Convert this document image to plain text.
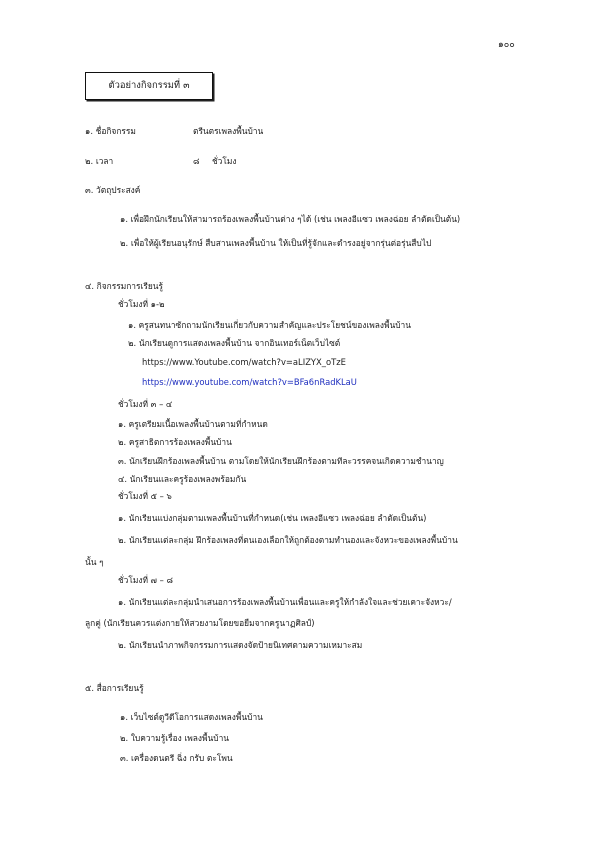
๑๐๐
ตัวอย่างกิจกรรมที่ ๓
๑. ชื่อกิจกรรม	ตรีนตรเพลงพื้นบ้าน
๒. เวลา	๘ ชั่วโมง
๓. วัตถุประสงค์
๑. เพื่อฝึกนักเรียนให้สามารถร้องเพลงพื้นบ้านต่าง ๆได้ (เช่น เพลงอีแซว เพลงฉ่อย ลำตัดเป็นต้น)
๒. เพื่อให้ผู้เรียนอนุรักษ์ สืบสานเพลงพื้นบ้าน ให้เป็นที่รู้จักและดำรงอยู่จากรุ่นต่อรุ่นสืบไป
๔. กิจกรรมการเรียนรู้
ชั่วโมงที่ ๑-๒
๑. ครูสนทนาซักถามนักเรียนเกี่ยวกับความสำคัญและประโยชน์ของเพลงพื้นบ้าน
๒. นักเรียนดูการแสดงเพลงพื้นบ้าน จากอินเทอร์เน็ตเว็บไซต์
https://www.Youtube.com/watch?v=aLIZYX_oTzE
https://www.youtube.com/watch?v=BFa6nRadKLaU
ชั่วโมงที่ ๓ – ๔
๑. ครูเตรียมเนื้อเพลงพื้นบ้านตามที่กำหนด
๒. ครูสาธิตการร้องเพลงพื้นบ้าน
๓. นักเรียนฝึกร้องเพลงพื้นบ้าน ตามโดยให้นักเรียนฝึกร้องตามทีละวรรคจนเกิดความชำนาญ
๔. นักเรียนและครูร้องเพลงพร้อมกัน
ชั่วโมงที่ ๕ – ๖
๑. นักเรียนแบ่งกลุ่มตามเพลงพื้นบ้านที่กำหนด(เช่น เพลงอีแซว เพลงฉ่อย ลำตัดเป็นต้น)
๒. นักเรียนแต่ละกลุ่ม ฝึกร้องเพลงที่ตนเองเลือกให้ถูกต้องตามทำนองและจังหวะของเพลงพื้นบ้าน
นั้น ๆ
ชั่วโมงที่ ๗ – ๘
๑. นักเรียนแต่ละกลุ่มนำเสนอการร้องเพลงพื้นบ้านเพื่อนและครูให้กำลังใจและช่วยเคาะจังหวะ/
ลูกคู่ (นักเรียนควรแต่งกายให้สวยงามโดยขอยืมจากครูนาฏศิลป์)
๒. นักเรียนนำภาพกิจกรรมการแสดงจัดป้ายนิเทศตามความเหมาะสม
๕. สื่อการเรียนรู้
๑. เว็บไซต์ดูวีดีโอการแสดงเพลงพื้นบ้าน
๒. ใบความรู้เรื่อง เพลงพื้นบ้าน
๓. เครื่องดนตรี ฉิ่ง กรับ ตะโพน
